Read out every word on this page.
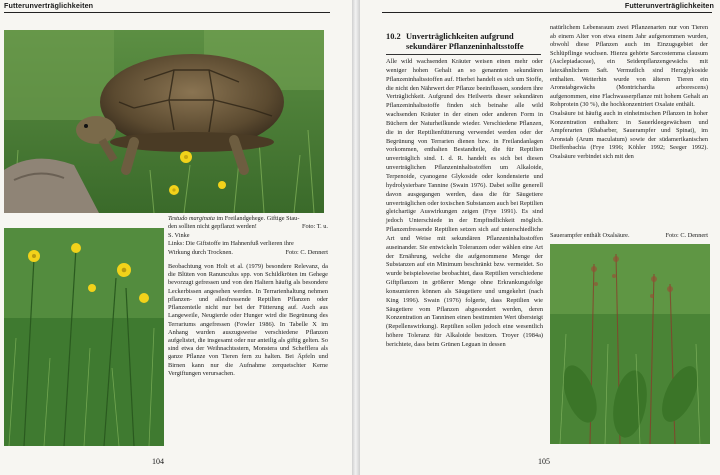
Futterunverträglichkeiten
Testudo marginata im Freilandgehege. Giftige Stau-
den sollten nicht gepflanzt werden!	Foto: T. u.
S. Vinke
Links: Die Giftstoffe im Hahnenfuß verlieren ihre
Wirkung durch Trocknen.	Foto: C. Dennert

Beobachtung von Holt et al. (1979) besondere Relevanz, da die Blüten von Ranunculus spp. von Schildkröten im Gehege bevorzugt gefressen und von den Haltern häufig als besondere Leckerbissen angesehen werden. In Terrarienhaltung nehmen pflanzen- und allesfressende Reptilien Pflanzen oder Pflanzenteile nicht nur bei der Fütterung auf. Auch aus Langeweile, Neugierde oder Hunger wird die Begrünung des Terrariums angefressen (Fowler 1986). In Tabelle X im Anhang wurden auszugsweise verschiedene Pflanzen aufgelistet, die insgesamt oder nur anteilig als giftig gelten. So sind etwa der Weihnachtsstern, Monstera und Schefflera als ganze Pflanze von Tieren fern zu halten. Bei Äpfeln und Birnen kann nur die Aufnahme zerquetschter Kerne Vergiftungen verursachen.

104
Futterunverträglichkeiten
10.2 Unverträglichkeiten aufgrund
sekundärer Pflanzeninhaltsstoffe

Alle wild wachsenden Kräuter weisen einen mehr oder weniger hohen Gehalt an so genannten sekundären Pflanzeninhaltsstoffen auf. Hierbei handelt es sich um Stoffe, die nicht den Nährwert der Pflanze beeinflussen, sondern ihre Verträglichkeit. Aufgrund des Heilwerts dieser sekundären Pflanzeninhaltsstoffe finden sich beinahe alle wild wachsenden Kräuter in der einen oder anderen Form in Büchern der Naturheilkunde wieder. Verschiedene Pflanzen, die in der Reptilienfütterung verwendet werden oder der Begrünung von Terrarien dienen bzw. in Freilandanlagen vorkommen, enthalten Bestandteile, die für Reptilien unverträglich sind. I. d. R. handelt es sich bei diesen unverträglichen Pflanzeninhaltsstoffen um Alkaloide, Terpenoide, cyanogene Glykoside oder kondensierte und hydrolysierbare Tannine (Swain 1976). Dabei sollte generell davon ausgegangen werden, dass die für Säugetiere unverträglichen oder toxischen Substanzen auch bei Reptilien gleichartige Auswirkungen zeigen (Frye 1991). Es sind jedoch Unterschiede in der Empfindlichkeit möglich. Pflanzenfressende Reptilien setzen sich auf unterschiedliche Art und Weise mit sekundären Pflanzeninhaltsstoffen auseinander. Sie entwickeln Toleranzen oder wählen eine Art der Ernährung, welche die aufgenommene Menge der Substanzen auf ein Minimum beschränkt bzw. vermeidet. So wurde beispielsweise beobachtet, dass Reptilien verschiedene Giftpflanzen in größerer Menge ohne Erkrankungsfolge konsumieren können als Säugetiere und umgekehrt (nach King 1996). Swain (1976) folgerte, dass Reptilien wie Säugetiere vom Pflanzen abgesondert werden, deren Konzentration an Tanninen einen bestimmten Wert übersteigt (Repellenswirkung). Reptilien sollen jedoch eine wesentlich höhere Toleranz für Alkaloide besitzen. Troyer (1984a) berichtete, dass beim Grünen Leguan in dessen

natürlichem Lebensraum zwei Pflanzenarten nur von Tieren ab einem Alter von etwa einem Jahr aufgenommen wurden, obwohl diese Pflanzen auch im Einzugsgebiet der Schlüpflinge wuchsen. Hierzu gehörte Sarcostemma clausum (Asclepiadaceae), ein Seidenpflanzengewächs mit latexähnlichem Saft. Vermutlich sind Herzglykoside enthalten. Weiterhin wurde von älteren Tieren ein Aronstabgewächs (Montrichardia arborescens) aufgenommen, eine Flachwasserpflanze mit hohem Gehalt an Rohprotein (30 %), die hochkonzentriert Oxalate enthält.

Oxalsäure ist häufig auch in einheimischen Pflanzen in hoher Konzentration enthalten: in Sauerkleegewächsen und Ampferarten (Rhabarber, Sauerampfer und Spinat), im Aronstab (Arum maculatum) sowie der südamerikanischen Dieffenbachia (Frye 1996; Köhler 1992; Seeger 1992). Oxalsäure verbindet sich mit den

Sauerampfer enthält Oxalsäure.	Foto: C. Dennert
105
